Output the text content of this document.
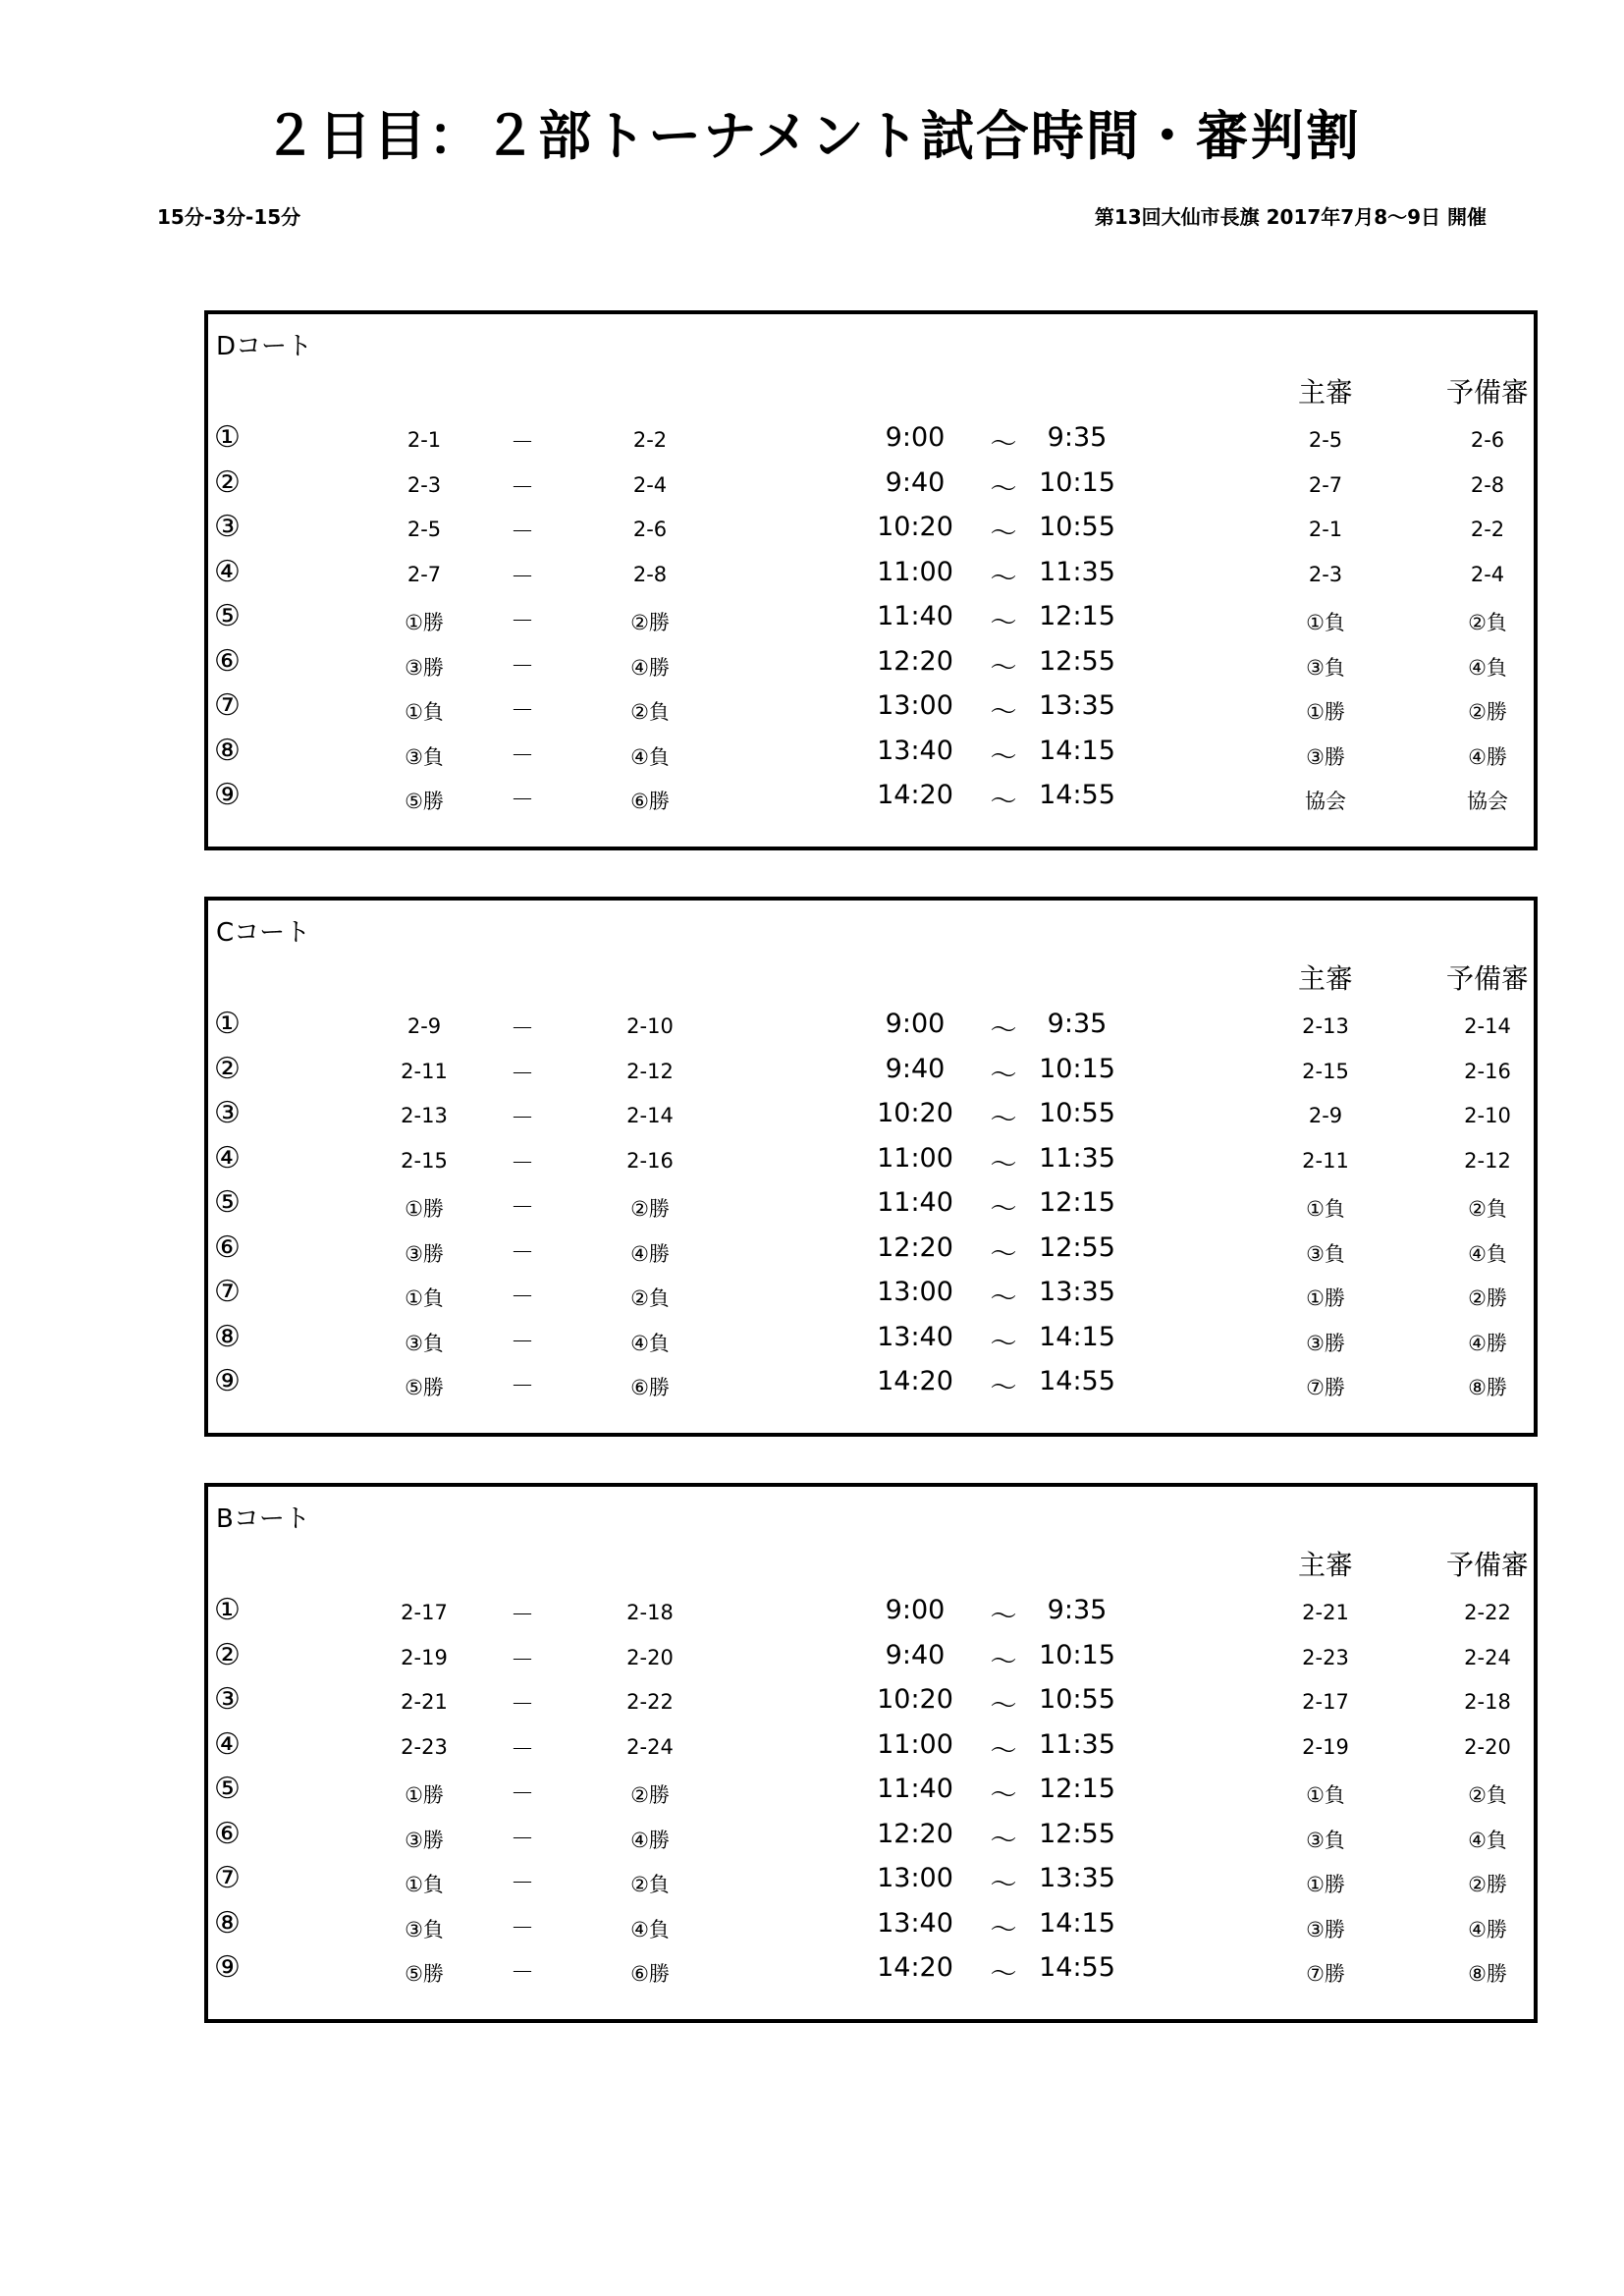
２日目：２部トーナメント試合時間・審判割
15分-3分-15分	第13回大仙市長旗 2017年7月8～9日 開催
Dコート
主審	予備審
①	2-1	－	2-2	9:00	～	9:35	2-5	2-6
②	2-3	－	2-4	9:40	～ 10:15	2-7	2-8
③	2-5	－	2-6	10:20	～ 10:55	2-1	2-2
④	2-7	－	2-8	11:00	～ 11:35	2-3	2-4
⑤	①勝	－	②勝	11:40	～ 12:15	①負	②負
⑥	③勝	－	④勝	12:20	～ 12:55	③負	④負
⑦	①負	－	②負	13:00	～ 13:35	①勝	②勝
⑧	③負	－	④負	13:40	～ 14:15	③勝	④勝
⑨	⑤勝	－	⑥勝	14:20	～ 14:55	協会	協会
Cコート
主審	予備審
①	2-9	－	2-10	9:00	～	9:35	2-13	2-14
②	2-11	－	2-12	9:40	～ 10:15	2-15	2-16
③	2-13	－	2-14	10:20	～ 10:55	2-9	2-10
④	2-15	－	2-16	11:00	～ 11:35	2-11	2-12
⑤	①勝	－	②勝	11:40	～ 12:15	①負	②負
⑥	③勝	－	④勝	12:20	～ 12:55	③負	④負
⑦	①負	－	②負	13:00	～ 13:35	①勝	②勝
⑧	③負	－	④負	13:40	～ 14:15	③勝	④勝
⑨	⑤勝	－	⑥勝	14:20	～ 14:55	⑦勝	⑧勝
Bコート
主審	予備審
①	2-17	－	2-18	9:00	～	9:35	2-21	2-22
②	2-19	－	2-20	9:40	～ 10:15	2-23	2-24
③	2-21	－	2-22	10:20	～ 10:55	2-17	2-18
④	2-23	－	2-24	11:00	～ 11:35	2-19	2-20
⑤	①勝	－	②勝	11:40	～ 12:15	①負	②負
⑥	③勝	－	④勝	12:20	～ 12:55	③負	④負
⑦	①負	－	②負	13:00	～ 13:35	①勝	②勝
⑧	③負	－	④負	13:40	～ 14:15	③勝	④勝
⑨	⑤勝	－	⑥勝	14:20	～ 14:55	⑦勝	⑧勝
